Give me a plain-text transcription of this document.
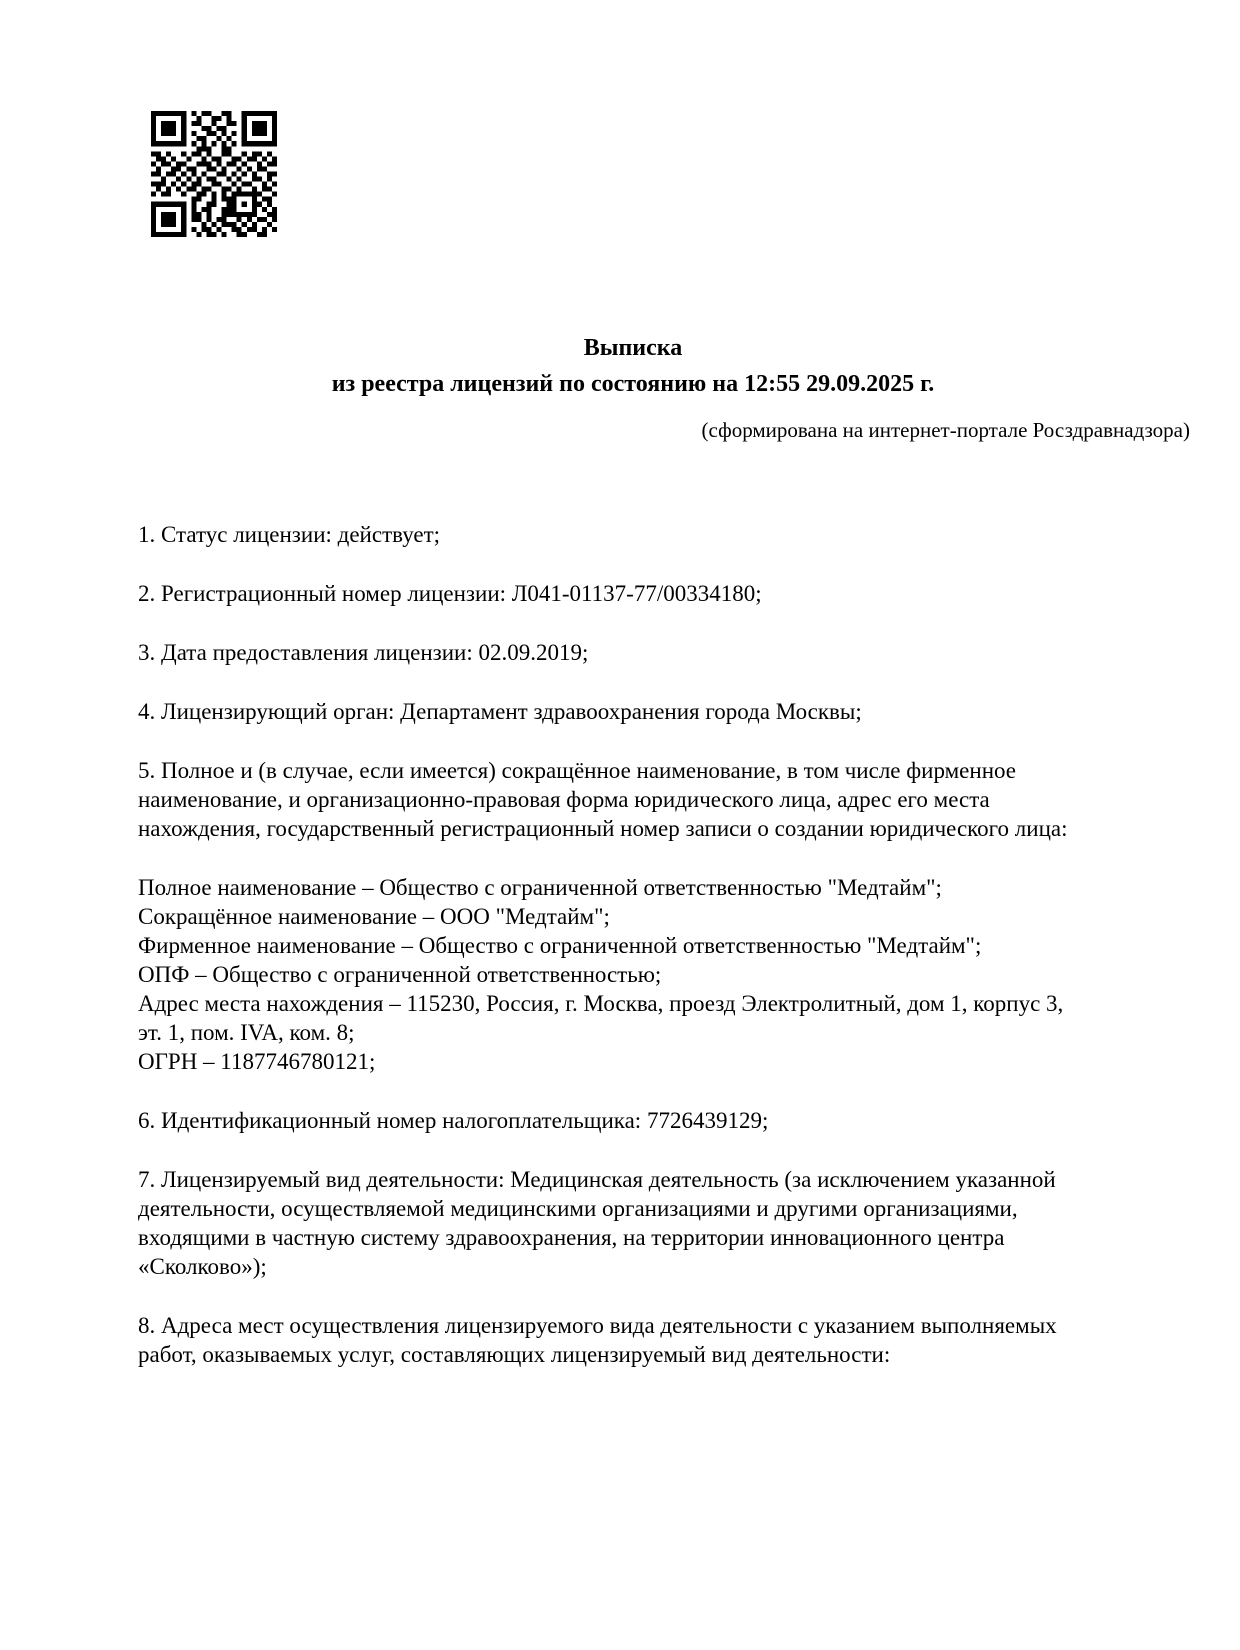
Выписка
из реестра лицензий по состоянию на 12:55 29.09.2025 г.
(сформирована на интернет-портале Росздравнадзора)

1. Статус лицензии: действует;

2. Регистрационный номер лицензии: Л041-01137-77/00334180;

3. Дата предоставления лицензии: 02.09.2019;

4. Лицензирующий орган: Департамент здравоохранения города Москвы;

5. Полное и (в случае, если имеется) сокращённое наименование, в том числе фирменное наименование, и организационно-правовая форма юридического лица, адрес его места нахождения, государственный регистрационный номер записи о создании юридического лица:

Полное наименование – Общество с ограниченной ответственностью "Медтайм";

Сокращённое наименование – ООО "Медтайм";

Фирменное наименование – Общество с ограниченной ответственностью "Медтайм";

ОПФ – Общество с ограниченной ответственностью;

Адрес места нахождения – 115230, Россия, г. Москва, проезд Электролитный, дом 1, корпус 3,

эт. 1, пом. IVA, ком. 8;

ОГРН – 1187746780121;

6. Идентификационный номер налогоплательщика: 7726439129;

7. Лицензируемый вид деятельности: Медицинская деятельность (за исключением указанной деятельности, осуществляемой медицинскими организациями и другими организациями, входящими в частную систему здравоохранения, на территории инновационного центра «Сколково»);

8. Адреса мест осуществления лицензируемого вида деятельности с указанием выполняемых работ, оказываемых услуг, составляющих лицензируемый вид деятельности:
